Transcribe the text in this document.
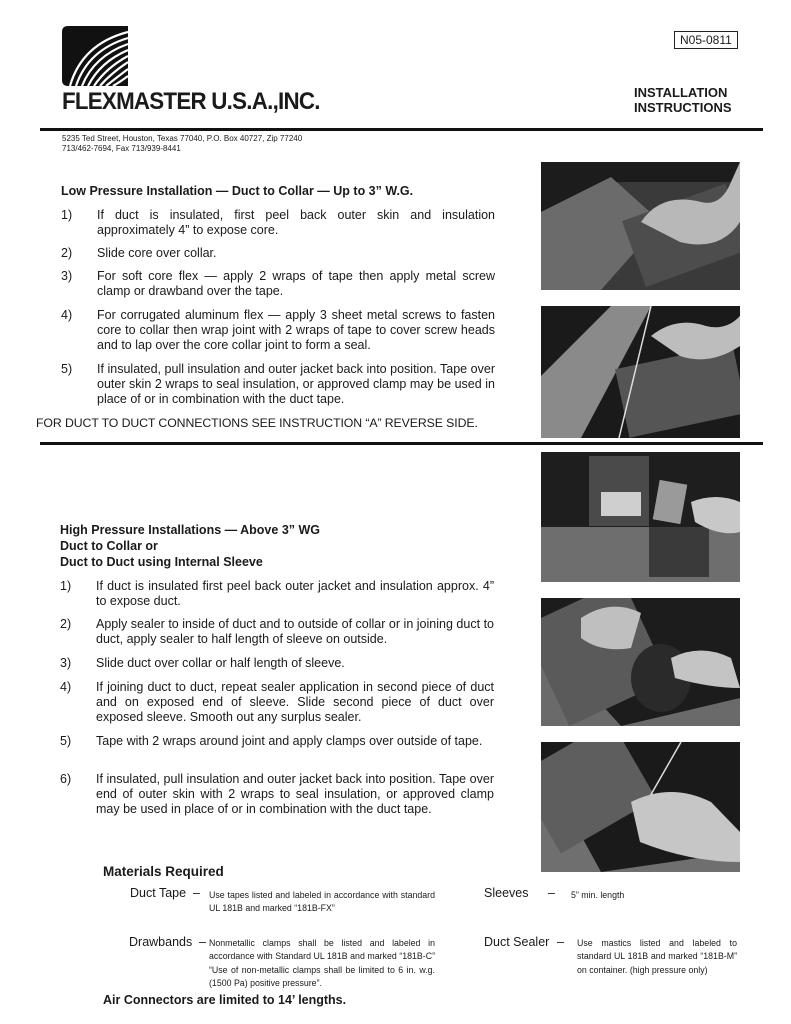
FLEXMASTER U.S.A.,INC.
N05-0811
INSTALLATION
INSTRUCTIONS
5235 Ted Street, Houston, Texas 77040, P.O. Box 40727, Zip 77240
713/462-7694, Fax 713/939-8441
Low Pressure Installation — Duct to Collar — Up to 3” W.G.
1) If duct is insulated, first peel back outer skin and insulation approximately 4” to expose core.
2) Slide core over collar.
3) For soft core flex — apply 2 wraps of tape then apply metal screw clamp or drawband over the tape.
4) For corrugated aluminum flex — apply 3 sheet metal screws to fasten core to collar then wrap joint with 2 wraps of tape to cover screw heads and to lap over the core collar joint to form a seal.
5) If insulated, pull insulation and outer jacket back into position. Tape over outer skin 2 wraps to seal insulation, or approved clamp may be used in place of or in combination with the duct tape.
FOR DUCT TO DUCT CONNECTIONS SEE INSTRUCTION “A” REVERSE SIDE.
High Pressure Installations — Above 3” WG
Duct to Collar or
Duct to Duct using Internal Sleeve
1) If duct is insulated first peel back outer jacket and insulation approx. 4” to expose duct.
2) Apply sealer to inside of duct and to outside of collar or in joining duct to duct, apply sealer to half length of sleeve on outside.
3) Slide duct over collar or half length of sleeve.
4) If joining duct to duct, repeat sealer application in second piece of duct and on exposed end of sleeve. Slide second piece of duct over exposed sleeve. Smooth out any surplus sealer.
5) Tape with 2 wraps around joint and apply clamps over outside of tape.
6) If insulated, pull insulation and outer jacket back into position. Tape over end of outer skin with 2 wraps to seal insulation, or approved clamp may be used in place of or in combination with the duct tape.
Materials Required
Duct Tape – Use tapes listed and labeled in accordance with standard UL 181B and marked “181B-FX”
Drawbands – Nonmetallic clamps shall be listed and labeled in accordance with Standard UL 181B and marked “181B-C” “Use of non-metallic clamps shall be limited to 6 in. w.g. (1500 Pa) positive pressure”.
Sleeves – 5” min. length
Duct Sealer – Use mastics listed and labeled to standard UL 181B and marked “181B-M” on container. (high pressure only)
Air Connectors are limited to 14’ lengths.
